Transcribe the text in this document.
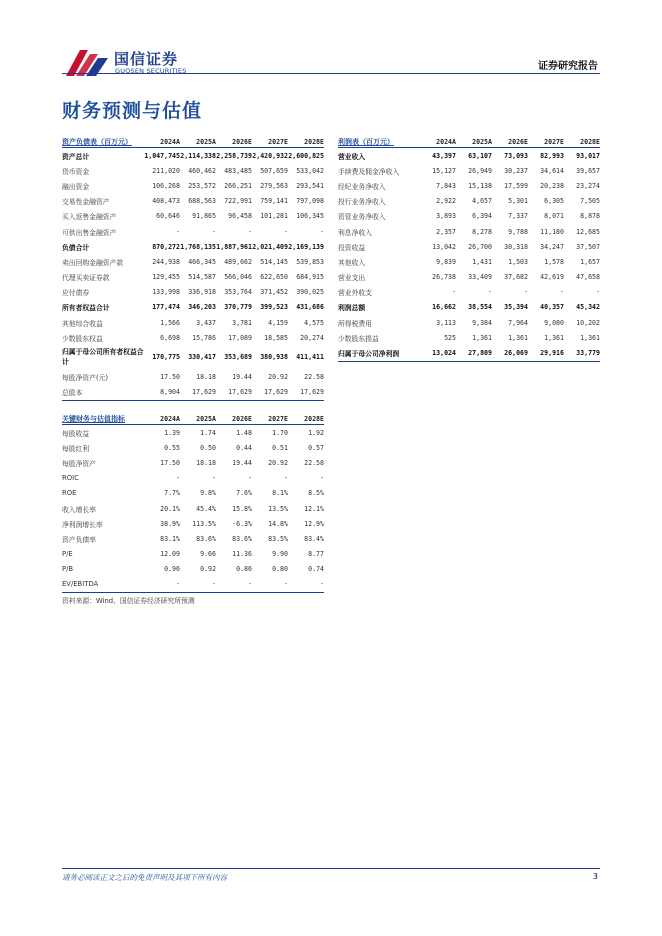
国信证券
GUOSEN SECURITIES	证券研究报告
财务预测与估值
资产负债表（百万元）	2024A	2025A	2026E	2027E	2028E
资产总计	1,047,745 2,114,338 2,258,739 2,420,932 2,600,825
货币资金	211,020	460,462	483,485	507,659	533,042
融出资金	106,268	253,572	266,251	279,563	293,541
交易性金融资产	408,473	688,563	722,991	759,141	797,098
买入返售金融资产	60,646	91,865	96,458	101,281	106,345
可供出售金融资产	-	-	-	-	-
负债合计	870,272 1,768,135 1,887,961 2,021,409 2,169,139
卖出回购金融资产款	244,938	466,345	489,662	514,145	539,853
代理买卖证券款	129,455	514,587	566,046	622,650	684,915
应付债券	133,998	336,918	353,764	371,452	390,025
所有者权益合计	177,474	346,203	370,779	399,523	431,686
其他综合收益	1,566	3,437	3,781	4,159	4,575
少数股东权益	6,698	15,786	17,089	18,585	20,274
归属于母公司所有者权益合计
170,775	330,417	353,689	380,938	411,411
每股净资产(元)	17.50	18.18	19.44	20.92	22.58
总股本	8,904	17,629	17,629	17,629	17,629
利润表（百万元）	2024A	2025A	2026E	2027E	2028E
营业收入	43,397	63,107	73,093	82,993	93,017
手续费及佣金净收入	15,127	26,949	30,237	34,614	39,657
经纪业务净收入	7,843	15,138	17,599	20,238	23,274
投行业务净收入	2,922	4,657	5,301	6,305	7,505
资管业务净收入	3,893	6,394	7,337	8,071	8,878
利息净收入	2,357	8,278	9,788	11,180	12,685
投资收益	13,042	26,700	30,318	34,247	37,507
其他收入	9,839	1,431	1,503	1,578	1,657
营业支出	26,738	33,409	37,682	42,619	47,658
营业外收支	-	-	-	-	-
利润总额	16,662	38,554	35,394	40,357	45,342
所得税费用	3,113	9,384	7,964	9,080	10,202
少数股东损益	525	1,361	1,361	1,361	1,361
归属于母公司净利润	13,024	27,809	26,069	29,916	33,779
关键财务与估值指标	2024A	2025A	2026E	2027E	2028E
每股收益	1.39	1.74	1.48	1.70	1.92
每股红利	0.55	0.50	0.44	0.51	0.57
每股净资产	17.50	18.18	19.44	20.92	22.58
ROIC	-	-	-	-	-
ROE	7.7%	9.8%	7.6%	8.1%	8.5%
收入增长率	20.1%	45.4%	15.8%	13.5%	12.1%
净利润增长率	38.9%	113.5%	-6.3%	14.8%	12.9%
资产负债率	83.1%	83.6%	83.6%	83.5%	83.4%
P/E	12.09	9.66	11.36	9.90	8.77
P/B	0.96	0.92	0.86	0.80	0.74
EV/EBITDA	-	-	-	-	-
资料来源：Wind、国信证券经济研究所预测
请务必阅读正文之后的免责声明及其项下所有内容	3
